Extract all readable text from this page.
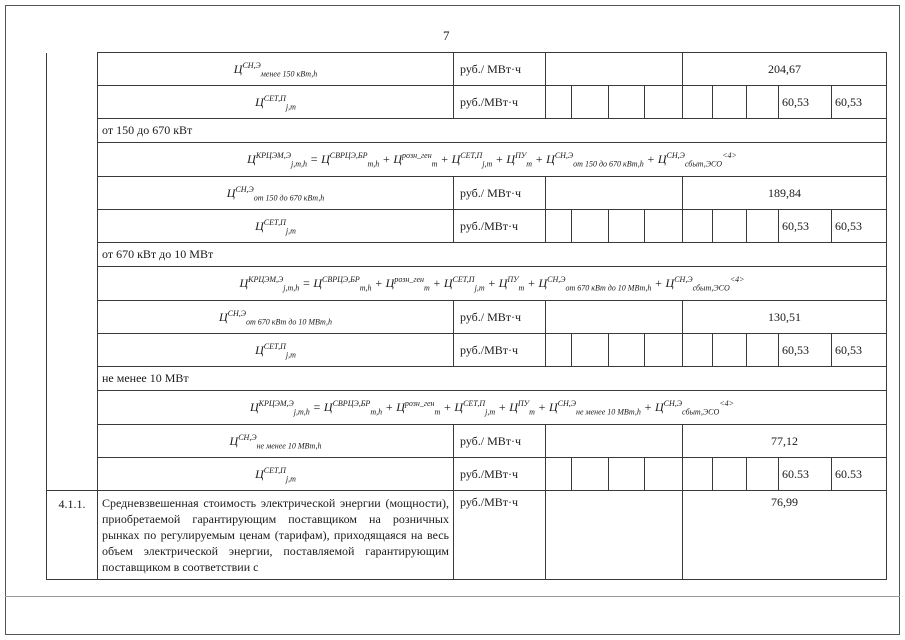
7
	$Ц^{СН,Э}_{менее 150 кВт,h}$	руб./ МВт·ч					204,67				
	$Ц^{СЕТ,П}_{j,m}$	руб./МВт·ч								60,53	60,53
	от 150 до 670 кВт										
	$Ц^{КРЦЭМ,Э}_{j,m,h} = Ц^{СВРЦЭ,БР}_{m,h} + Ц^{розн\_ген}_m + Ц^{СЕТ,П}_{j,m} + Ц^{ПУ}_m + Ц^{СН,Э}_{от 150 до 670 кВт,h} + Ц^{СН,Э}_{сбыт,ЭСО}^{<4>}$
	$Ц^{СН,Э}_{от 150 до 670 кВт,h}$	руб./ МВт·ч					189,84				
	$Ц^{СЕТ,П}_{j,m}$	руб./МВт·ч								60,53	60,53
	от 670 кВт до 10 МВт										
	$Ц^{КРЦЭМ,Э}_{j,m,h} = Ц^{СВРЦЭ,БР}_{m,h} + Ц^{розн\_ген}_m + Ц^{СЕТ,П}_{j,m} + Ц^{ПУ}_m + Ц^{СН,Э}_{от 670 кВт до 10 МВт,h} + Ц^{СН,Э}_{сбыт,ЭСО}^{<4>}$
	$Ц^{СН,Э}_{от 670 кВт до 10 МВт,h}$	руб./ МВт·ч					130,51				
	$Ц^{СЕТ,П}_{j,m}$	руб./МВт·ч								60,53	60,53
	не менее 10 МВт										
	$Ц^{КРЦЭМ,Э}_{j,m,h} = Ц^{СВРЦЭ,БР}_{m,h} + Ц^{розн\_ген}_m + Ц^{СЕТ,П}_{j,m} + Ц^{ПУ}_m + Ц^{СН,Э}_{не менее 10 МВт,h} + Ц^{СН,Э}_{сбыт,ЭСО}^{<4>}$
	$Ц^{СН,Э}_{не менее 10 МВт,h}$	руб./ МВт·ч					77,12				
	$Ц^{СЕТ,П}_{j,m}$	руб./МВт·ч								60.53	60.53
4.1.1.	Средневзвешенная стоимость электрической энергии (мощности), приобретаемой гарантирующим поставщиком на розничных рынках по регулируемым ценам (тарифам), приходящаяся на весь объем электрической энергии, поставляемой гарантирующим поставщиком в соответствии с	руб./МВт·ч					76,99				
